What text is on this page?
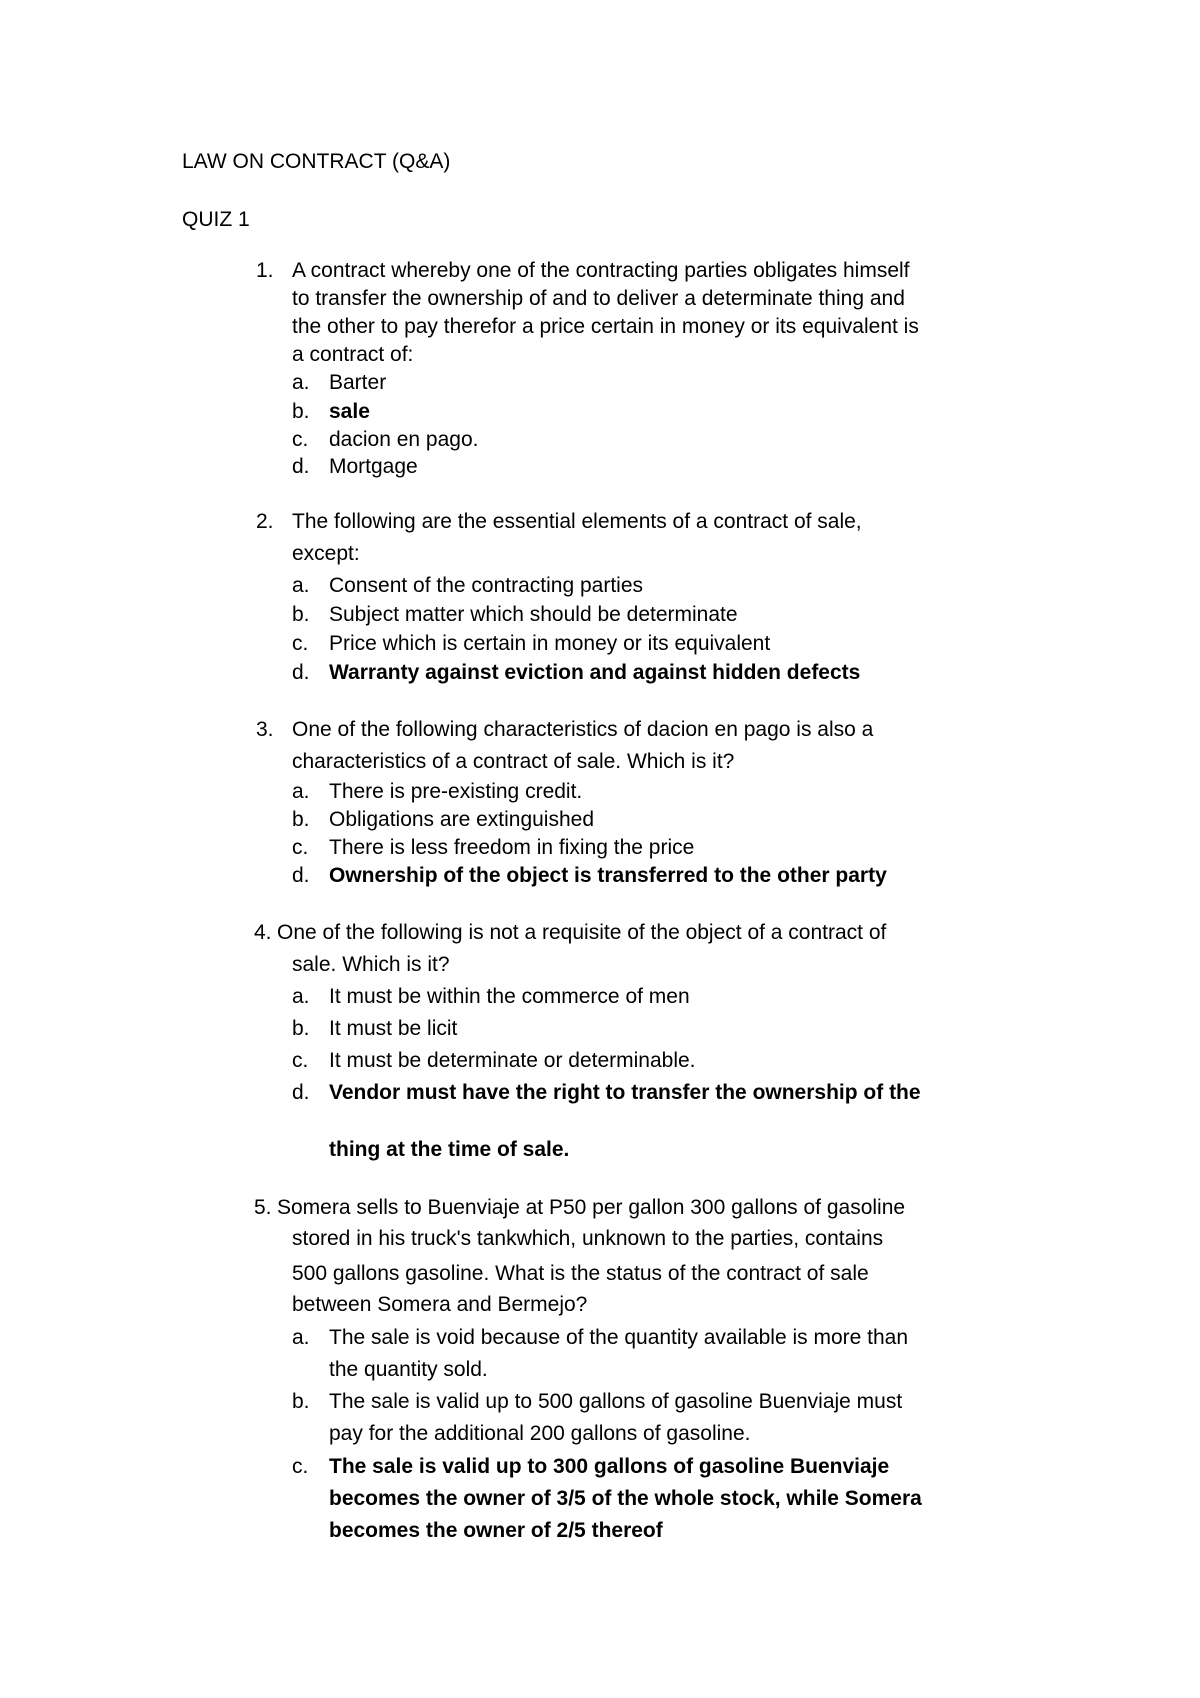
LAW ON CONTRACT (Q&A)
QUIZ 1
1. A contract whereby one of the contracting parties obligates himself
to transfer the ownership of and to deliver a determinate thing and
the other to pay therefor a price certain in money or its equivalent is
a contract of:
a. Barter
b. sale
c. dacion en pago.
d. Mortgage
2. The following are the essential elements of a contract of sale,
except:
a. Consent of the contracting parties
b. Subject matter which should be determinate
c. Price which is certain in money or its equivalent
d. Warranty against eviction and against hidden defects
3. One of the following characteristics of dacion en pago is also a
characteristics of a contract of sale. Which is it?
a. There is pre-existing credit.
b. Obligations are extinguished
c. There is less freedom in fixing the price
d. Ownership of the object is transferred to the other party
4. One of the following is not a requisite of the object of a contract of
sale. Which is it?
a. It must be within the commerce of men
b. It must be licit
c. It must be determinate or determinable.
d. Vendor must have the right to transfer the ownership of the
thing at the time of sale.
5. Somera sells to Buenviaje at P50 per gallon 300 gallons of gasoline
stored in his truck's tankwhich, unknown to the parties, contains
500 gallons gasoline. What is the status of the contract of sale
between Somera and Bermejo?
a. The sale is void because of the quantity available is more than
the quantity sold.
b. The sale is valid up to 500 gallons of gasoline Buenviaje must
pay for the additional 200 gallons of gasoline.
c. The sale is valid up to 300 gallons of gasoline Buenviaje
becomes the owner of 3/5 of the whole stock, while Somera
becomes the owner of 2/5 thereof
